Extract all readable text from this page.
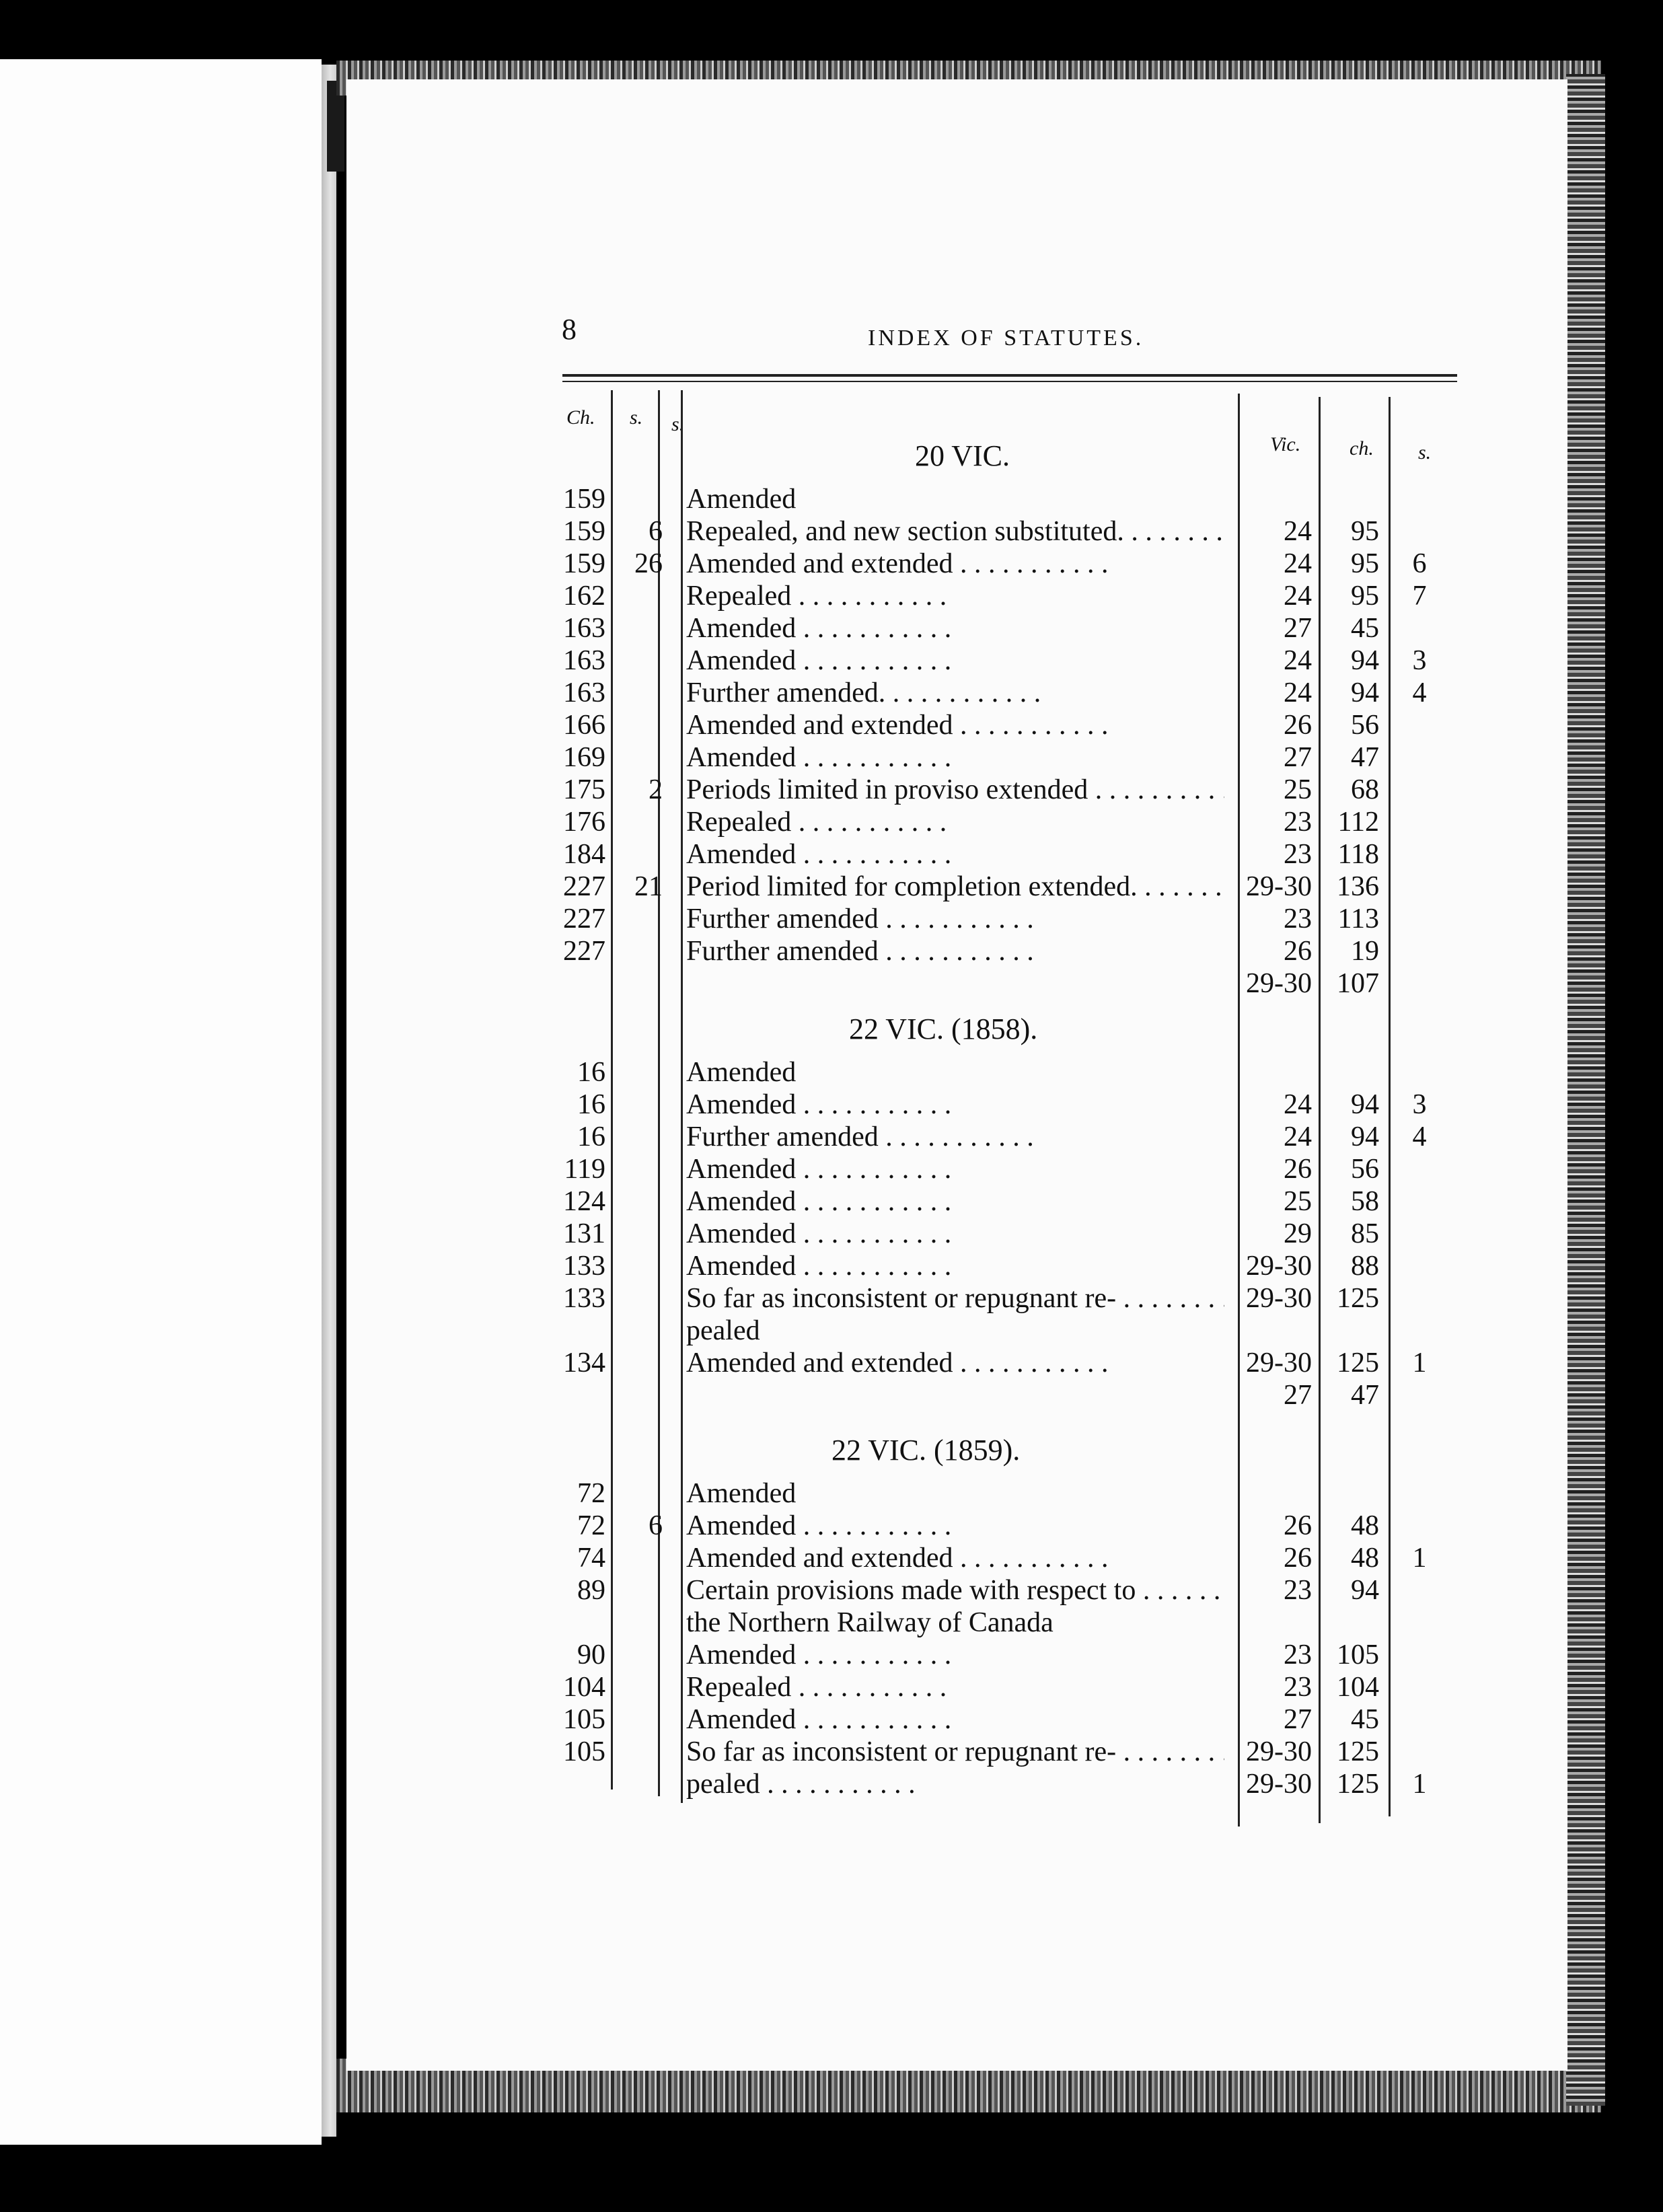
8	INDEX OF STATUTES.
Ch. s. s.
Vic. ch. s.
20 VIC.
22 VIC. (1858).
22 VIC. (1859).
159	Amended
159	6 Repealed, and new section substituted. . .	24	95
159	26 Amended and extended . .	24	95	6
162	Repealed . .	24	95	7
163	Amended . .	27	45
163	Amended . .	24	94	3
163	Further amended. . .	24	94	4
166	Amended and extended . .	26	56
169	Amended . .	27	47
175	2 Periods limited in proviso extended . .	25	68
176	Repealed . .	23 112
184	Amended . .	23 118
227	21 Period limited for completion extended. . .	29-30 136
227	Further amended . .	23 113
227	Further amended . .	26	19
29-30 107
16	Amended
16	Amended . .	24	94	3
16	Further amended . .	24	94	4
119	Amended . .	26	56
124	Amended . .	25	58
131	Amended . .	29	85
133	Amended . .	29-30	88
133	So far as inconsistent or repugnant re- . .	29-30 125
pealed
134	Amended and extended . .	29-30 125	1
27	47
72	Amended
72	6 Amended . .	26	48
74	Amended and extended . .	26	48	1
89	Certain provisions made with respect to . .	23	94
the Northern Railway of Canada
90	Amended . .	23 105
104	Repealed . .	23 104
105	Amended . .	27	45
105	So far as inconsistent or repugnant re- . .	29-30 125
pealed . .	29-30 125	1
